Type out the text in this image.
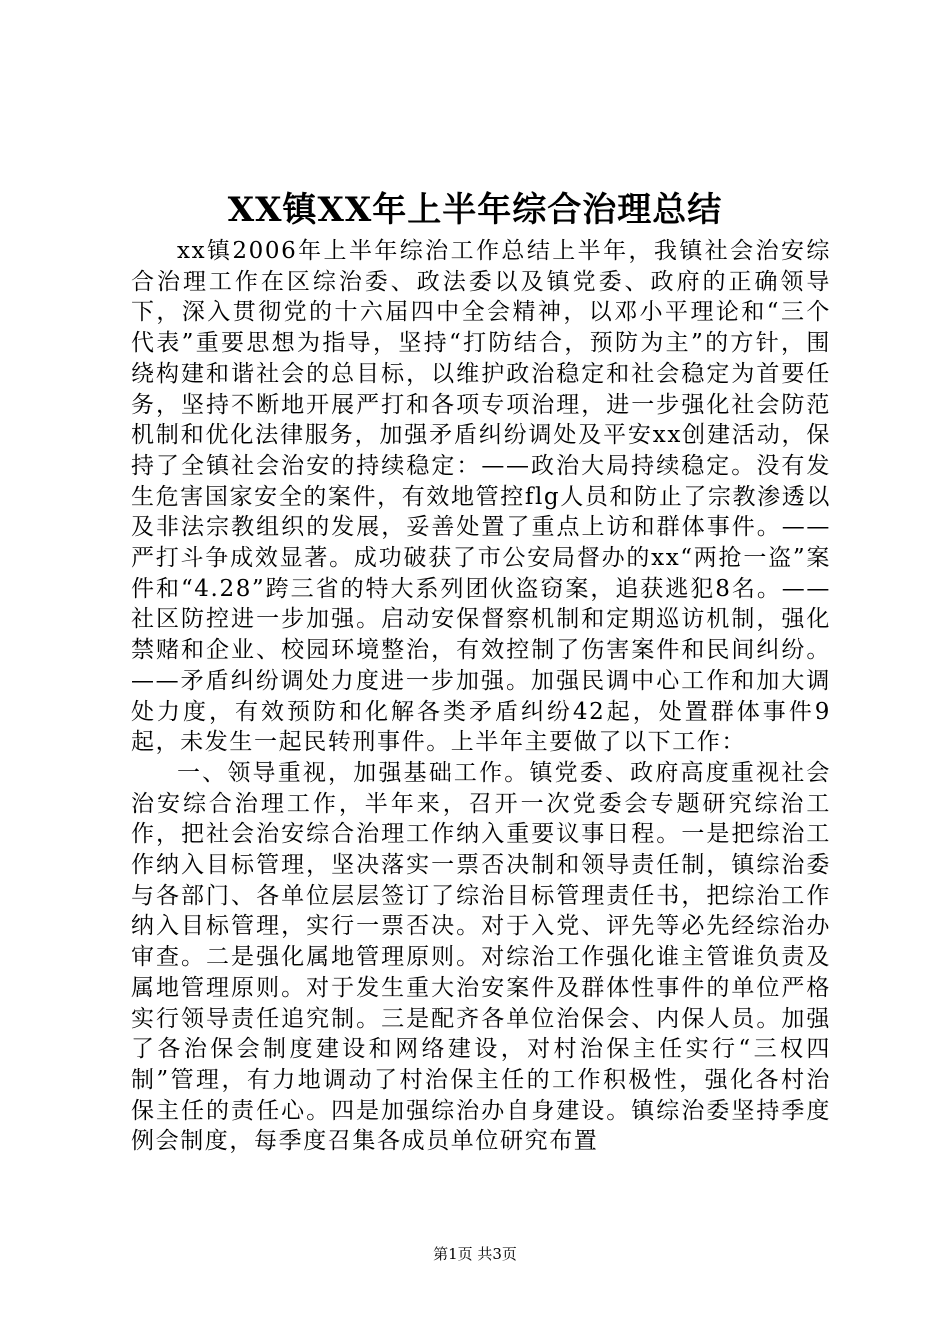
XX镇XX年上半年综合治理总结

xx镇2006年上半年综治工作总结上半年，我镇社会治安综合治理工作在区综治委、政法委以及镇党委、政府的正确领导下，深入贯彻党的十六届四中全会精神，以邓小平理论和“三个代表”重要思想为指导，坚持“打防结合，预防为主”的方针，围绕构建和谐社会的总目标，以维护政治稳定和社会稳定为首要任务，坚持不断地开展严打和各项专项治理，进一步强化社会防范机制和优化法律服务，加强矛盾纠纷调处及平安xx创建活动，保持了全镇社会治安的持续稳定：——政治大局持续稳定。没有发生危害国家安全的案件，有效地管控flg人员和防止了宗教渗透以及非法宗教组织的发展，妥善处置了重点上访和群体事件。——严打斗争成效显著。成功破获了市公安局督办的xx“两抢一盗”案件和“4.28”跨三省的特大系列团伙盗窃案，追获逃犯8名。——社区防控进一步加强。启动安保督察机制和定期巡访机制，强化禁赌和企业、校园环境整治，有效控制了伤害案件和民间纠纷。——矛盾纠纷调处力度进一步加强。加强民调中心工作和加大调处力度，有效预防和化解各类矛盾纠纷42起，处置群体事件9起，未发生一起民转刑事件。上半年主要做了以下工作：

一、领导重视，加强基础工作。镇党委、政府高度重视社会治安综合治理工作，半年来，召开一次党委会专题研究综治工作，把社会治安综合治理工作纳入重要议事日程。一是把综治工作纳入目标管理，坚决落实一票否决制和领导责任制，镇综治委与各部门、各单位层层签订了综治目标管理责任书，把综治工作纳入目标管理，实行一票否决。对于入党、评先等必先经综治办审查。二是强化属地管理原则。对综治工作强化谁主管谁负责及属地管理原则。对于发生重大治安案件及群体性事件的单位严格实行领导责任追究制。三是配齐各单位治保会、内保人员。加强了各治保会制度建设和网络建设，对村治保主任实行“三权四制”管理，有力地调动了村治保主任的工作积极性，强化各村治保主任的责任心。四是加强综治办自身建设。镇综治委坚持季度例会制度，每季度召集各成员单位研究布置

第1页 共3页
